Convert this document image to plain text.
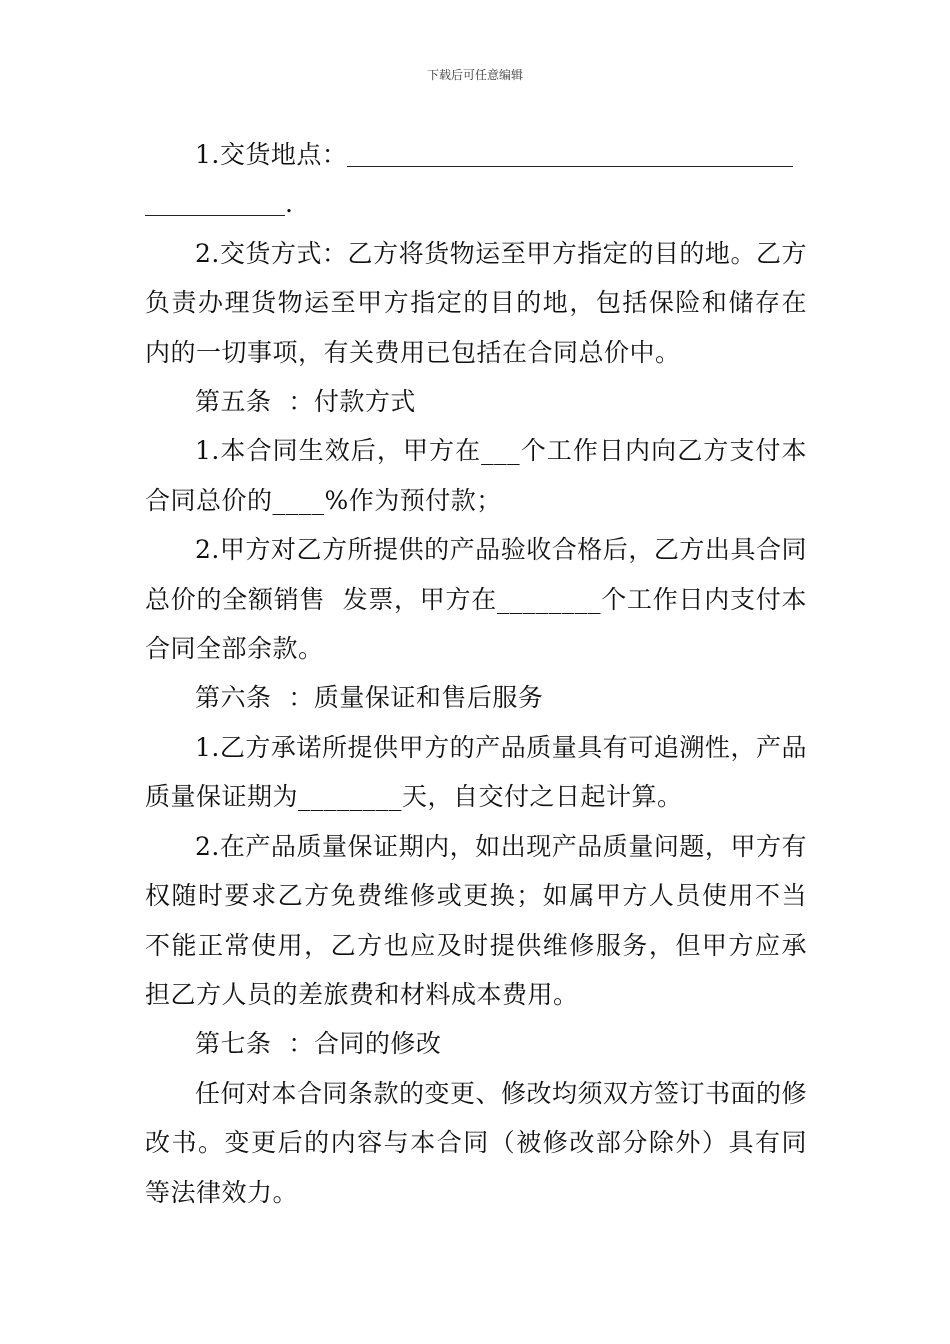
下载后可任意编辑

1.交货地点：

.

2.交货方式：乙方将货物运至甲方指定的目的地。乙方负责办理货物运至甲方指定的目的地，包括保险和储存在内的一切事项，有关费用已包括在合同总价中。

第五条  ：付款方式

1.本合同生效后，甲方在___个工作日内向乙方支付本合同总价的____%作为预付款；

2.甲方对乙方所提供的产品验收合格后，乙方出具合同总价的全额销售  发票，甲方在________个工作日内支付本合同全部余款。

第六条  ：质量保证和售后服务

1.乙方承诺所提供甲方的产品质量具有可追溯性，产品质量保证期为________天，自交付之日起计算。

2.在产品质量保证期内，如出现产品质量问题，甲方有权随时要求乙方免费维修或更换；如属甲方人员使用不当不能正常使用，乙方也应及时提供维修服务，但甲方应承担乙方人员的差旅费和材料成本费用。

第七条  ：合同的修改

任何对本合同条款的变更、修改均须双方签订书面的修改书。变更后的内容与本合同（被修改部分除外）具有同等法律效力。
